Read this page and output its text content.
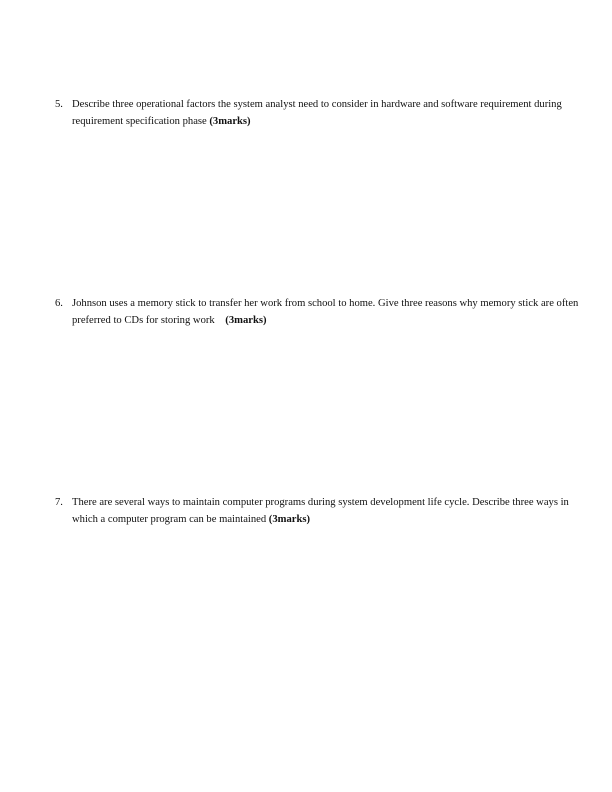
5. Describe three operational factors the system analyst need to consider in hardware and software requirement during requirement specification phase (3marks)
6. Johnson uses a memory stick to transfer her work from school to home. Give three reasons why memory stick are often preferred to CDs for storing work    (3marks)
7. There are several ways to maintain computer programs during system development life cycle. Describe three ways in which a computer program can be maintained (3marks)
